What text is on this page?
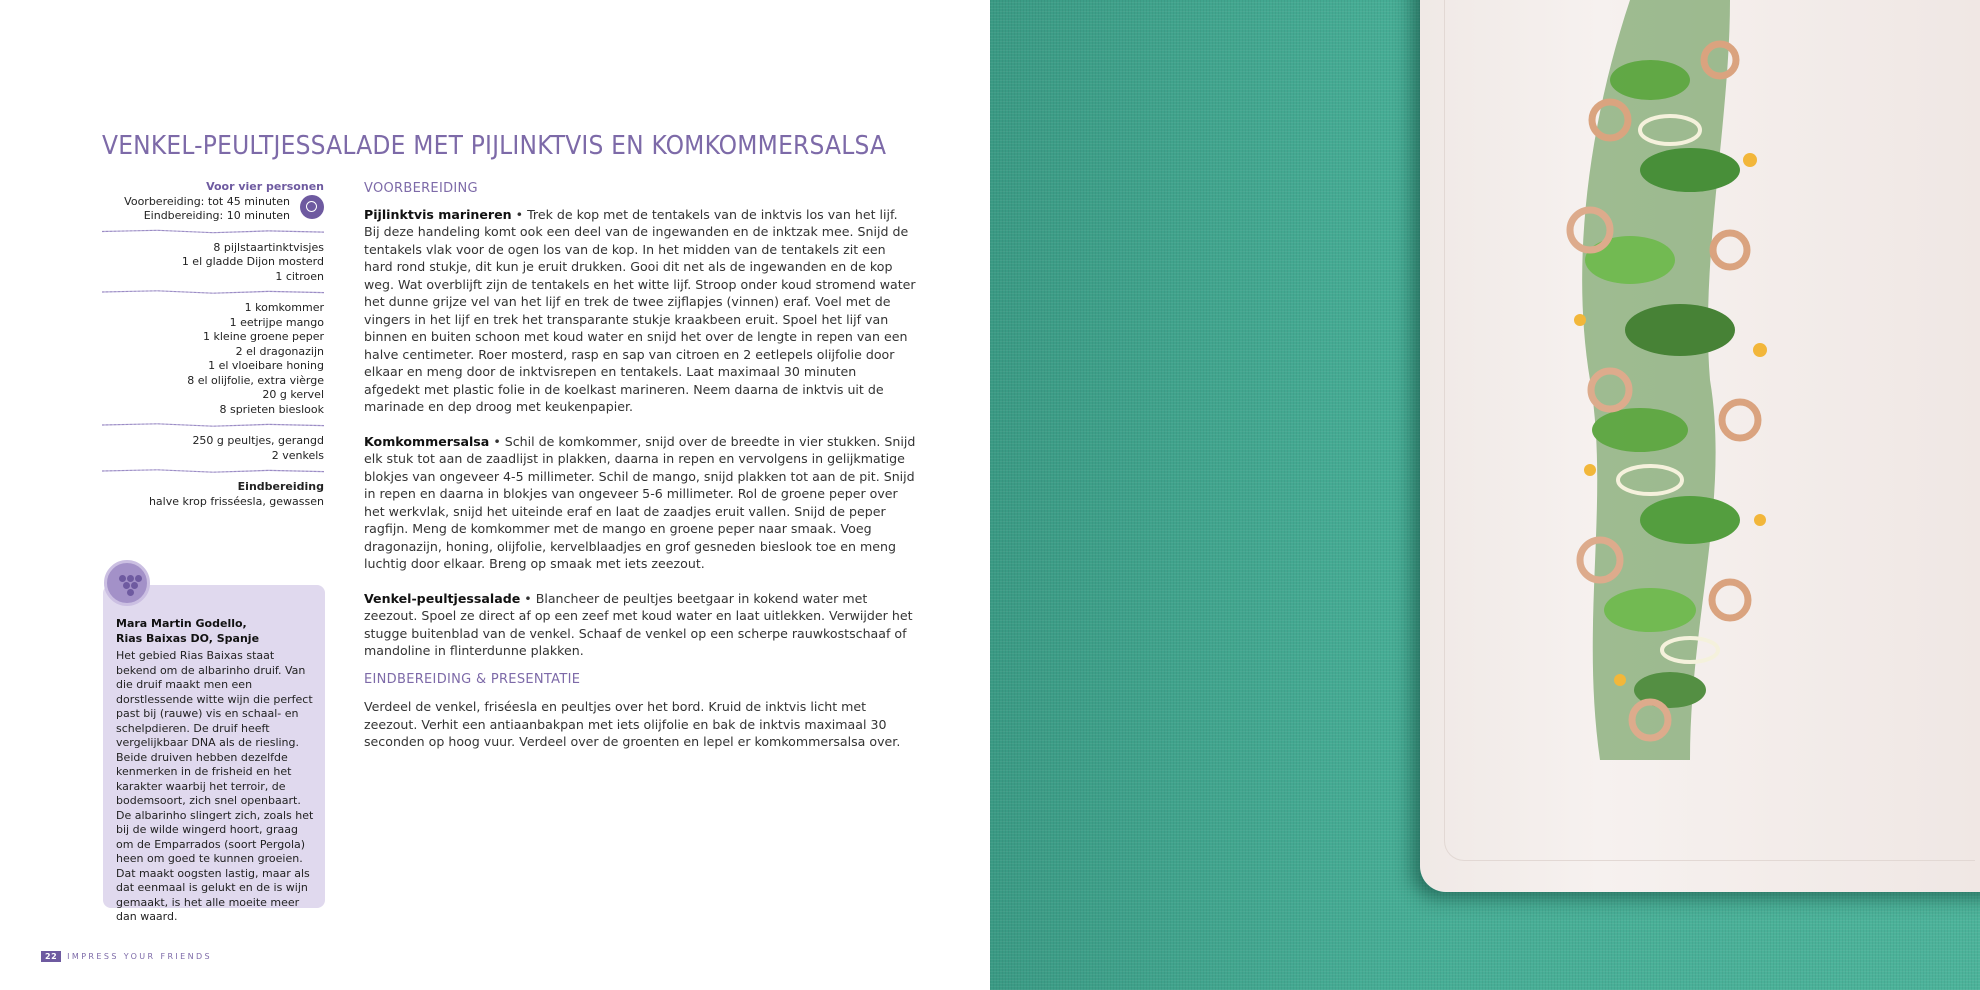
VENKEL-PEULTJESSALADE MET PIJLINKTVIS EN KOMKOMMERSALSA
Voor vier personen
Voorbereiding: tot 45 minuten
Eindbereiding: 10 minuten
8 pijlstaartinktvisjes
1 el gladde Dijon mosterd
1 citroen
1 komkommer
1 eetrijpe mango
1 kleine groene peper
2 el dragonazijn
1 el vloeibare honing
8 el olijfolie, extra vièrge
20 g kervel
8 sprieten bieslook
250 g peultjes, gerangd
2 venkels
Eindbereiding
halve krop frisséesla, gewassen
Mara Martin Godello,
Rias Baixas DO, Spanje
Het gebied Rias Baixas staat bekend om de albarinho druif. Van die druif maakt men een dorstlessende witte wijn die perfect past bij (rauwe) vis en schaal- en schelpdieren. De druif heeft vergelijkbaar DNA als de riesling. Beide druiven hebben dezelfde kenmerken in de frisheid en het karakter waarbij het terroir, de bodemsoort, zich snel openbaart.
De albarinho slingert zich, zoals het bij de wilde wingerd hoort, graag om de Emparrados (soort Pergola) heen om goed te kunnen groeien. Dat maakt oogsten lastig, maar als dat eenmaal is gelukt en de is wijn gemaakt, is het alle moeite meer dan waard.
VOORBEREIDING

Pijlinktvis marineren • Trek de kop met de tentakels van de inktvis los van het lijf. Bij deze handeling komt ook een deel van de ingewanden en de inktzak mee. Snijd de tentakels vlak voor de ogen los van de kop. In het midden van de tentakels zit een hard rond stukje, dit kun je eruit drukken. Gooi dit net als de ingewanden en de kop weg. Wat overblijft zijn de tentakels en het witte lijf. Stroop onder koud stromend water het dunne grijze vel van het lijf en trek de twee zijflapjes (vinnen) eraf. Voel met de vingers in het lijf en trek het transparante stukje kraakbeen eruit. Spoel het lijf van binnen en buiten schoon met koud water en snijd het over de lengte in repen van een halve centimeter. Roer mosterd, rasp en sap van citroen en 2 eetlepels olijfolie door elkaar en meng door de inktvisrepen en tentakels. Laat maximaal 30 minuten afgedekt met plastic folie in de koelkast marineren. Neem daarna de inktvis uit de marinade en dep droog met keukenpapier.

Komkommersalsa • Schil de komkommer, snijd over de breedte in vier stukken. Snijd elk stuk tot aan de zaadlijst in plakken, daarna in repen en vervolgens in gelijkmatige blokjes van ongeveer 4-5 millimeter. Schil de mango, snijd plakken tot aan de pit. Snijd in repen en daarna in blokjes van ongeveer 5-6 millimeter. Rol de groene peper over het werkvlak, snijd het uiteinde eraf en laat de zaadjes eruit vallen. Snijd de peper ragfijn. Meng de komkommer met de mango en groene peper naar smaak. Voeg dragonazijn, honing, olijfolie, kervelblaadjes en grof gesneden bieslook toe en meng luchtig door elkaar. Breng op smaak met iets zeezout.

Venkel-peultjessalade • Blancheer de peultjes beetgaar in kokend water met zeezout. Spoel ze direct af op een zeef met koud water en laat uitlekken. Verwijder het stugge buitenblad van de venkel. Schaaf de venkel op een scherpe rauwkostschaaf of mandoline in flinterdunne plakken.

EINDBEREIDING & PRESENTATIE

Verdeel de venkel, friséesla en peultjes over het bord. Kruid de inktvis licht met zeezout. Verhit een antiaanbakpan met iets olijfolie en bak de inktvis maximaal 30 seconden op hoog vuur. Verdeel over de groenten en lepel er komkommersalsa over.

22 IMPRESS YOUR FRIENDS
